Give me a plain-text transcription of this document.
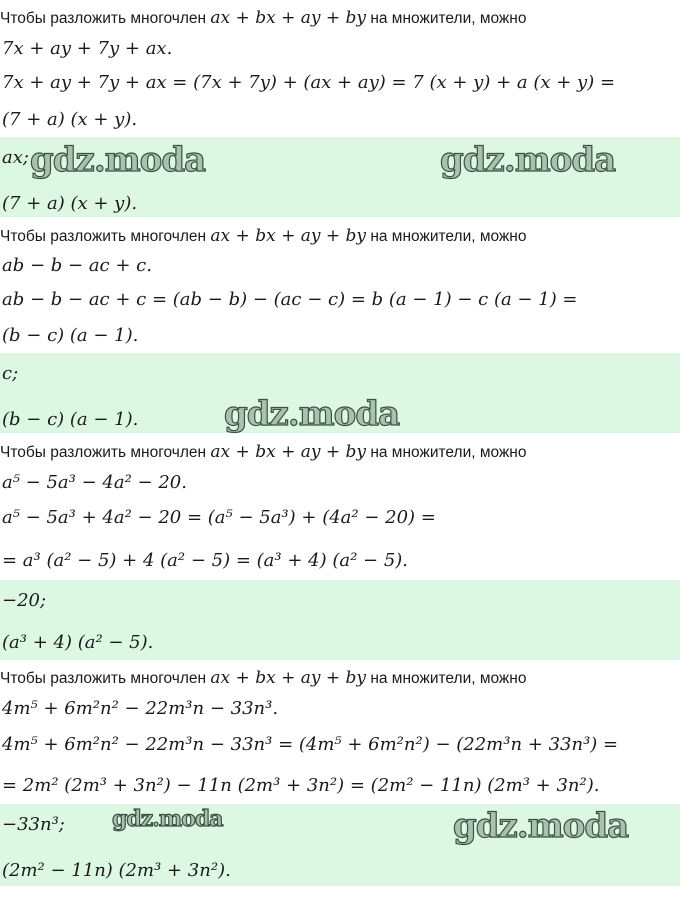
Чтобы разложить многочлен ax + bx + ay + by на множители, можно
7x + ay + 7y + ax.
7x + ay + 7y + ax = (7x + 7y) + (ax + ay) = 7 (x + y) + a (x + y) =
(7 + a) (x + y).
ax;
(7 + a) (x + y).
gdz.moda	gdz.moda
Чтобы разложить многочлен ax + bx + ay + by на множители, можно
ab − b − ac + c.
ab − b − ac + c = (ab − b) − (ac − c) = b (a − 1) − c (a − 1) =
(b − c) (a − 1).
c;
(b − c) (a − 1).	gdz.moda
Чтобы разложить многочлен ax + bx + ay + by на множители, можно
a⁵ − 5a³ − 4a² − 20.
a⁵ − 5a³ + 4a² − 20 = (a⁵ − 5a³) + (4a² − 20) =
= a³ (a² − 5) + 4 (a² − 5) = (a³ + 4) (a² − 5).
−20;
(a³ + 4) (a² − 5).
Чтобы разложить многочлен ax + bx + ay + by на множители, можно
4m⁵ + 6m²n² − 22m³n − 33n³.
4m⁵ + 6m²n² − 22m³n − 33n³ = (4m⁵ + 6m²n²) − (22m³n + 33n³) =
= 2m² (2m³ + 3n²) − 11n (2m³ + 3n²) = (2m² − 11n) (2m³ + 3n²).
−33n³;
(2m² − 11n) (2m³ + 3n²).
gdz.moda	gdz.moda
